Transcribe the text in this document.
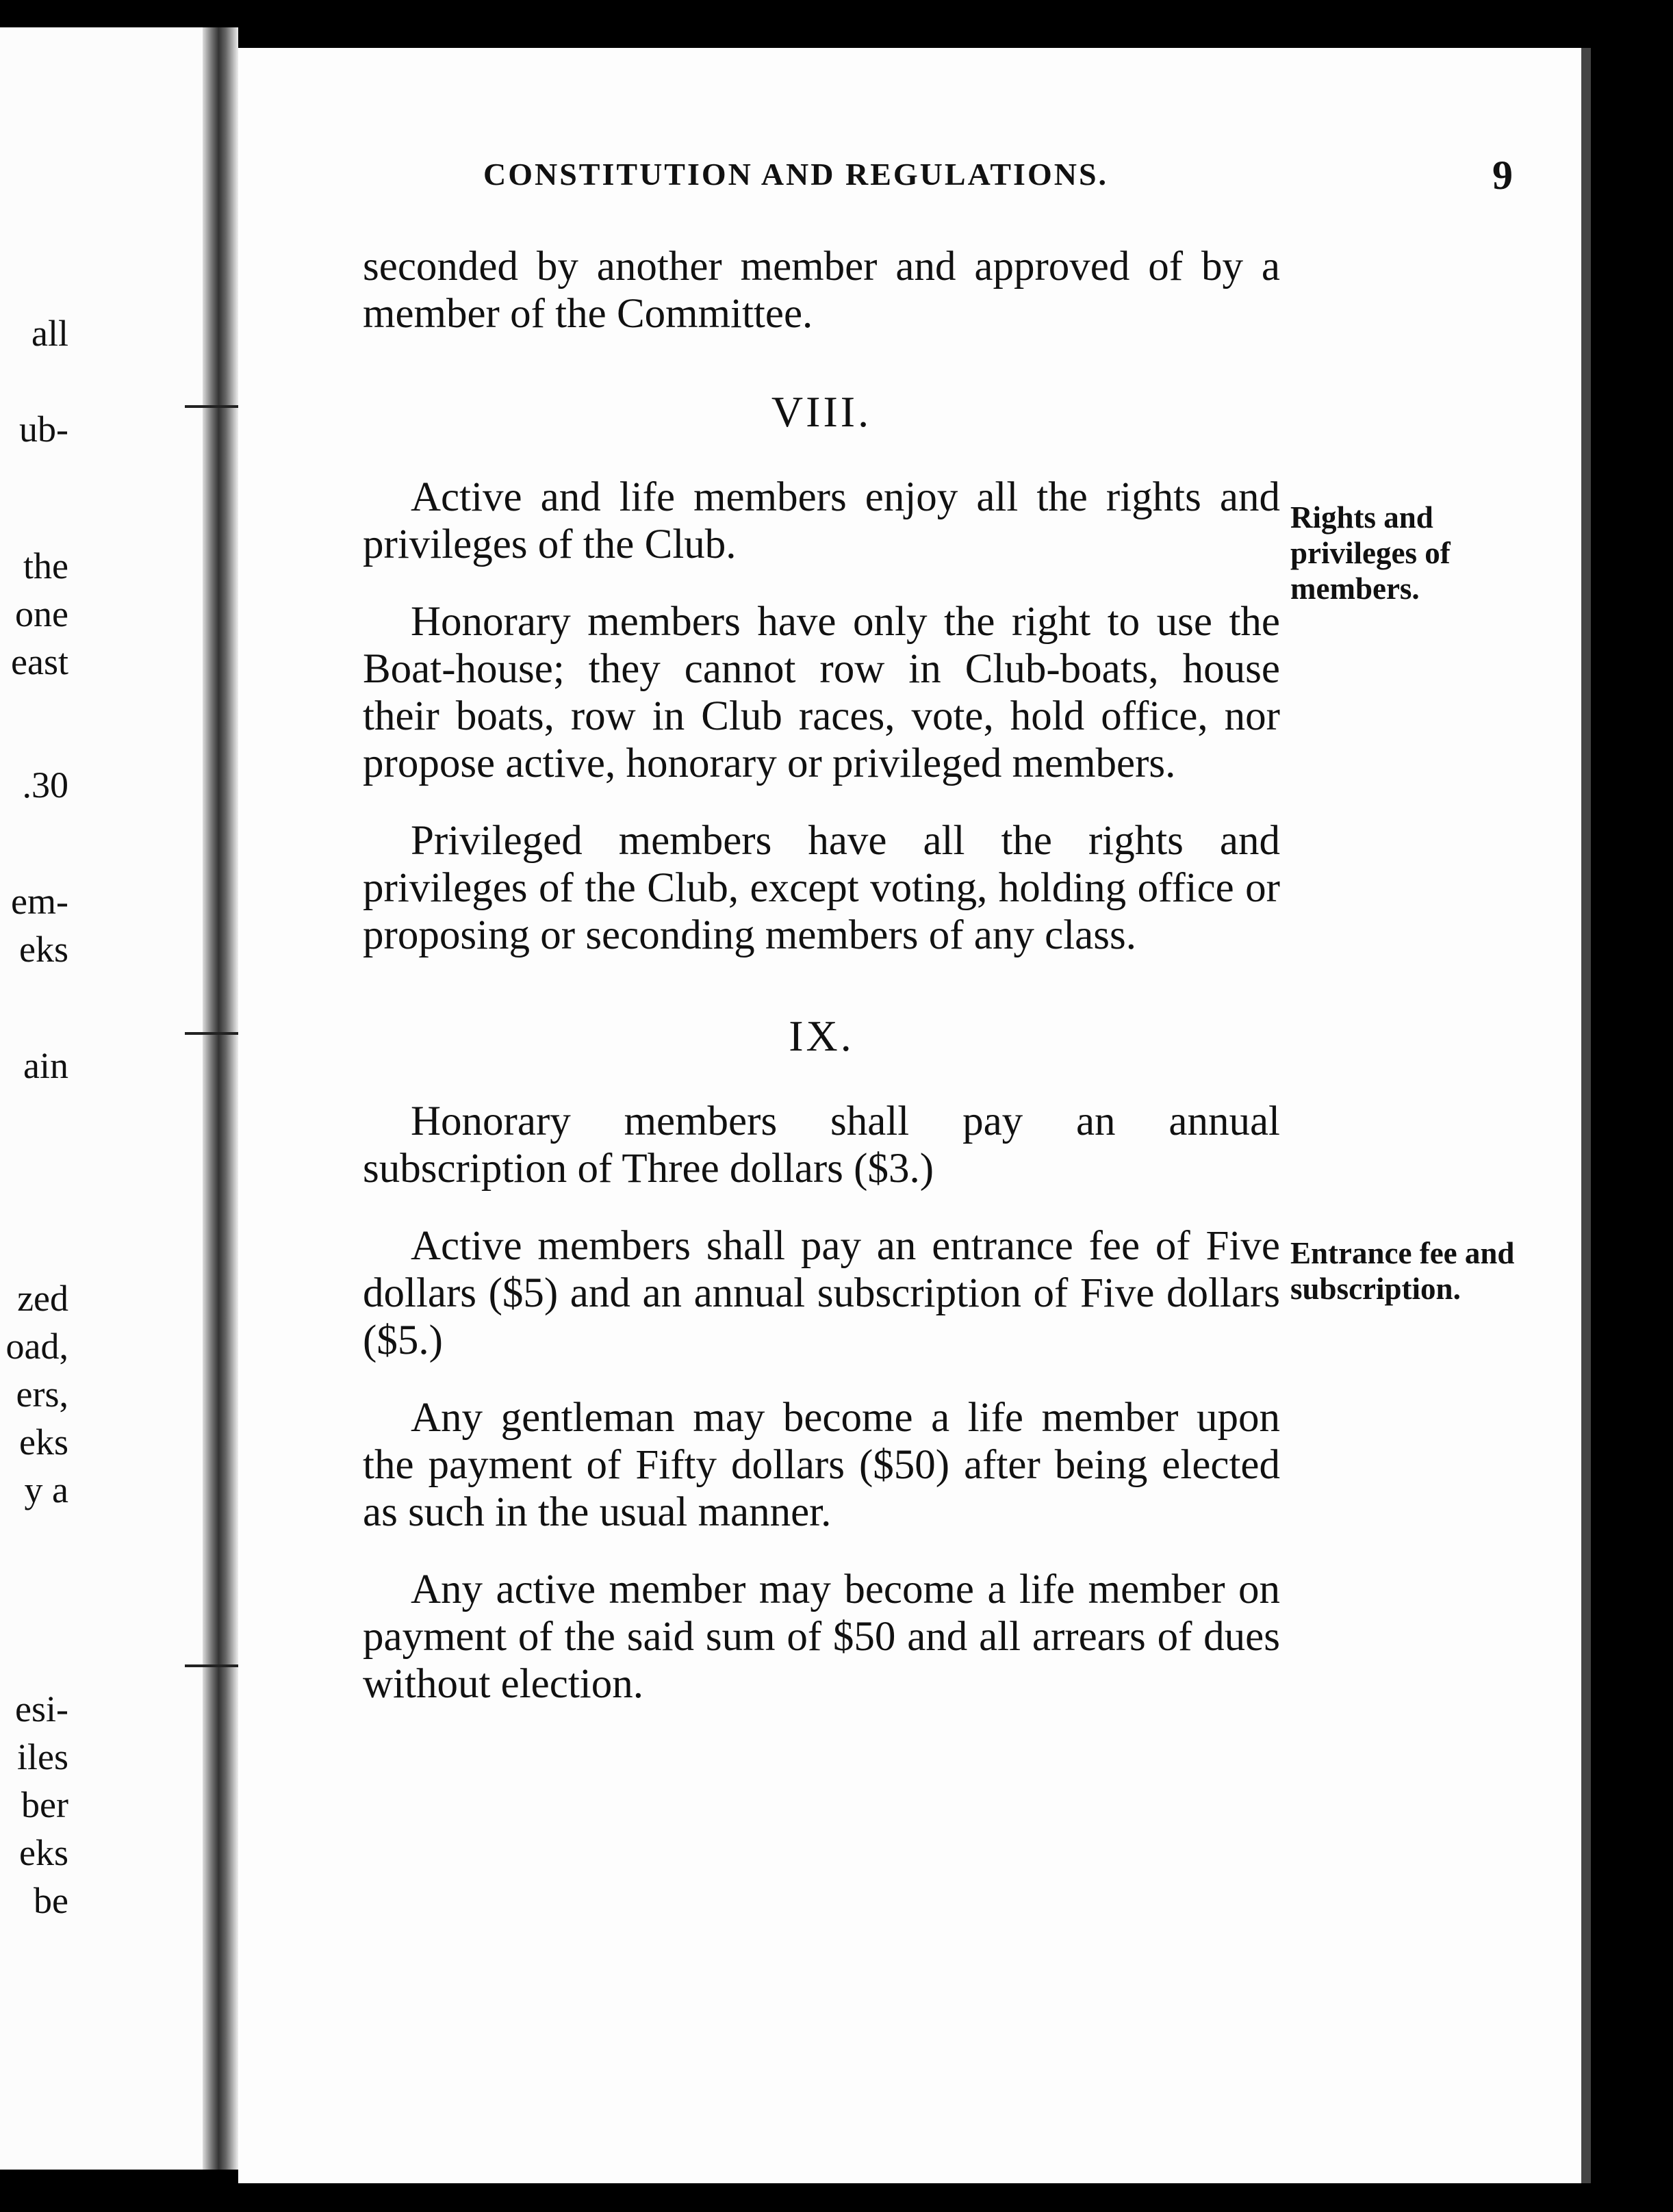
all
ub-
the
one
east
.30
em-
eks
ain
zed
oad,
ers,
eks
y a
esi-
iles
ber
eks
be
CONSTITUTION AND REGULATIONS.	9

seconded by another member and approved of by a member of the Committee.

VIII.

Active and life members enjoy all the rights and privileges of the Club.

Honorary members have only the right to use the Boat-house; they cannot row in Club-boats, house their boats, row in Club races, vote, hold office, nor propose active, honorary or privileged members.

Privileged members have all the rights and privileges of the Club, except voting, holding office or proposing or seconding members of any class.

IX.

Honorary members shall pay an annual subscription of Three dollars ($3.)

Active members shall pay an entrance fee of Five dollars ($5) and an annual subscription of Five dollars ($5.)

Any gentleman may become a life member upon the payment of Fifty dollars ($50) after being elected as such in the usual manner.

Any active member may become a life member on payment of the said sum of $50 and all arrears of dues without election.

Rights and privileges of members.
Entrance fee and subscription.
